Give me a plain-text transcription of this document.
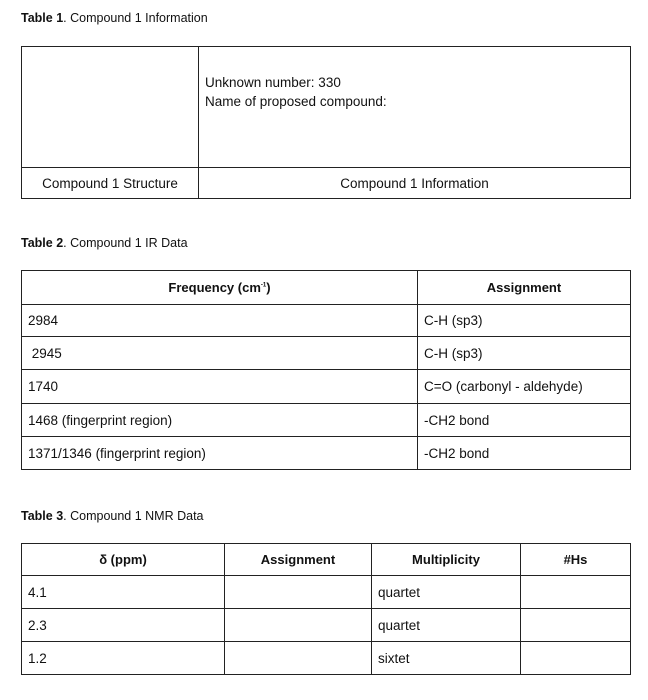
Table 1. Compound 1 Information

	Unknown number: 330
Name of proposed compound:

Compound 1 Structure	Compound 1 Information
Table 2. Compound 1 IR Data
Frequency $(cm^{-1})$	Assignment
2984	C-H (sp3)
2945	C-H (sp3)
1740	C=O (carbonyl - aldehyde)
1468 (fingerprint region)	-CH2 bond
1371/1346 (fingerprint region)	-CH2 bond
Table 3. Compound 1 NMR Data
δ (ppm)	Assignment	Multiplicity	#Hs
4.1		quartet	
2.3		quartet	
1.2		sixtet	
